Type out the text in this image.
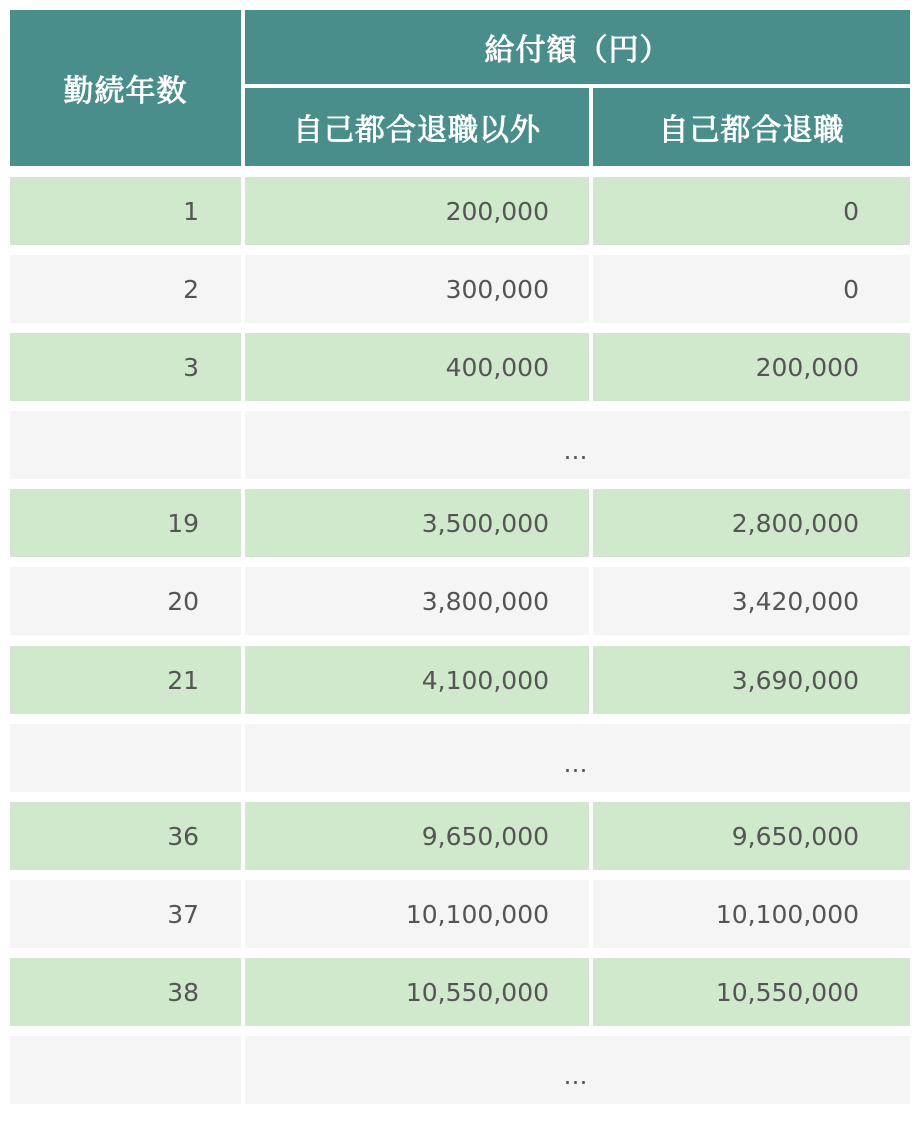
勤続年数
給付額（円）
自己都合退職以外	自己都合退職
1	200,000	0
2	300,000	0
3	400,000	200,000
…
19	3,500,000	2,800,000
20	3,800,000	3,420,000
21	4,100,000	3,690,000
…
36	9,650,000	9,650,000
37	10,100,000	10,100,000
38	10,550,000	10,550,000
…
